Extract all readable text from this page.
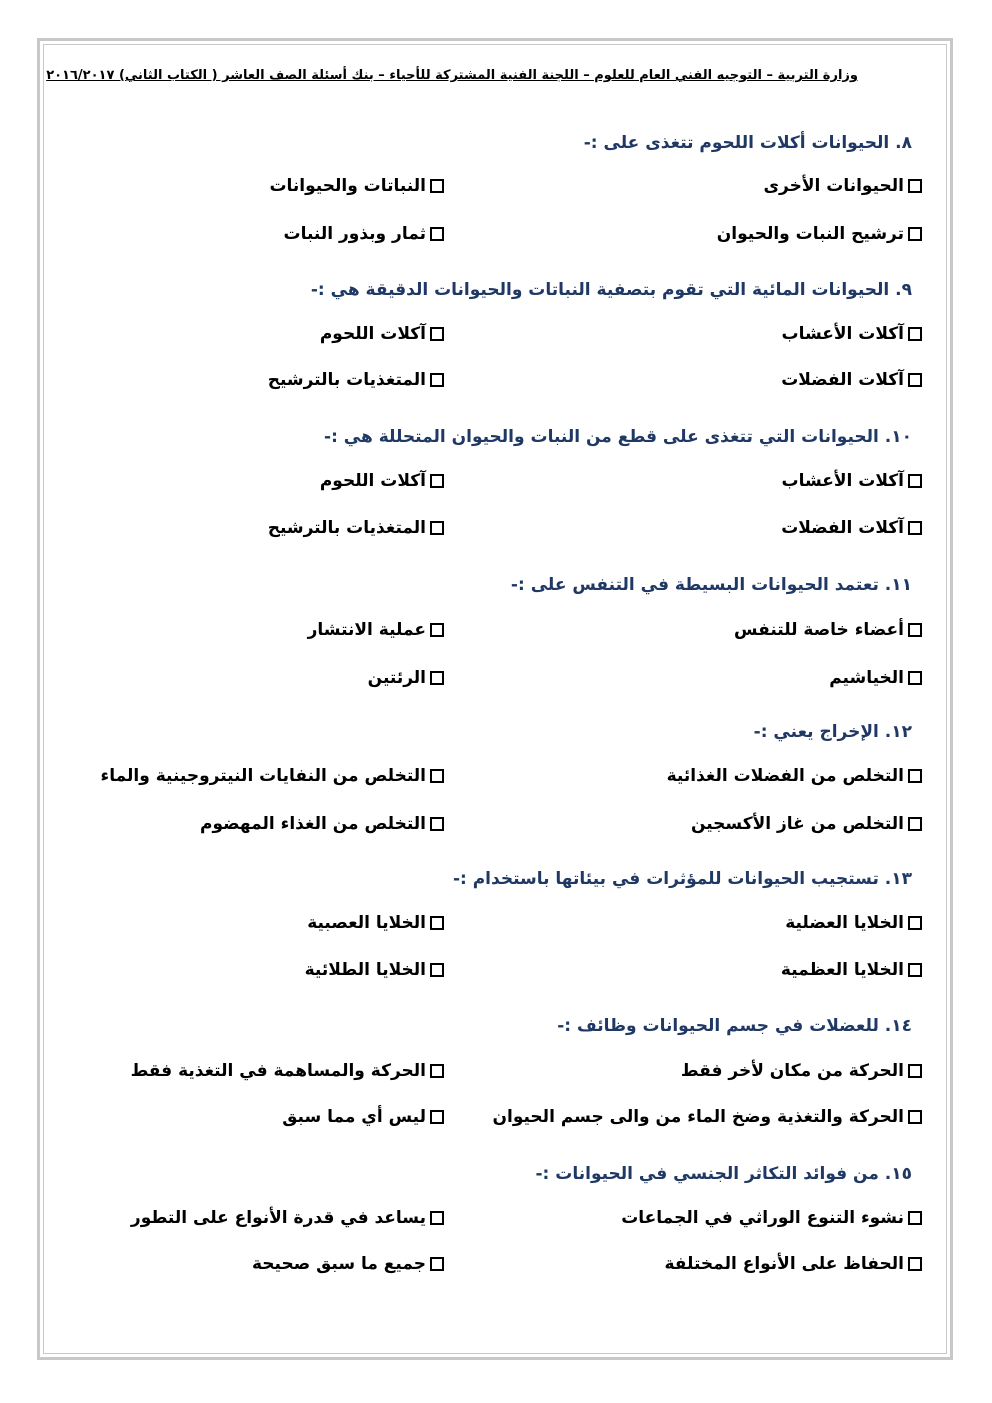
وزارة التربية – التوجيه الفني العام للعلوم – اللجنة الفنية المشتركة للأحياء – بنك أسئلة الصف العاشر ( الكتاب الثاني) ٢٠١٦/٢٠١٧
٨. الحيوانات أكلات اللحوم تتغذى على :-
الحيوانات الأخرى
النباتات والحيوانات
ترشيح النبات والحيوان
ثمار وبذور النبات
٩. الحيوانات المائية التي تقوم بتصفية النباتات والحيوانات الدقيقة هي :-
آكلات الأعشاب
آكلات اللحوم
آكلات الفضلات
المتغذيات بالترشيح
١٠. الحيوانات التي تتغذى على قطع من النبات والحيوان المتحللة هي :-
آكلات الأعشاب
آكلات اللحوم
آكلات الفضلات
المتغذيات بالترشيح
١١. تعتمد الحيوانات البسيطة في التنفس على :-
أعضاء خاصة للتنفس
عملية الانتشار
الخياشيم
الرئتين
١٢. الإخراج يعني :-
التخلص من الفضلات الغذائية
التخلص من النفايات النيتروجينية والماء
التخلص من غاز الأكسجين
التخلص من الغذاء المهضوم
١٣. تستجيب الحيوانات للمؤثرات في بيئاتها باستخدام :-
الخلايا العضلية
الخلايا العصبية
الخلايا العظمية
الخلايا الطلائية
١٤. للعضلات في جسم الحيوانات وظائف :-
الحركة من مكان لأخر فقط
الحركة والمساهمة في التغذية فقط
الحركة والتغذية وضخ الماء من والى جسم الحيوان
ليس أي مما سبق
١٥. من فوائد التكاثر الجنسي في الحيوانات :-
نشوء التنوع الوراثي في الجماعات
يساعد في قدرة الأنواع على التطور
الحفاظ على الأنواع المختلفة
جميع ما سبق صحيحة
